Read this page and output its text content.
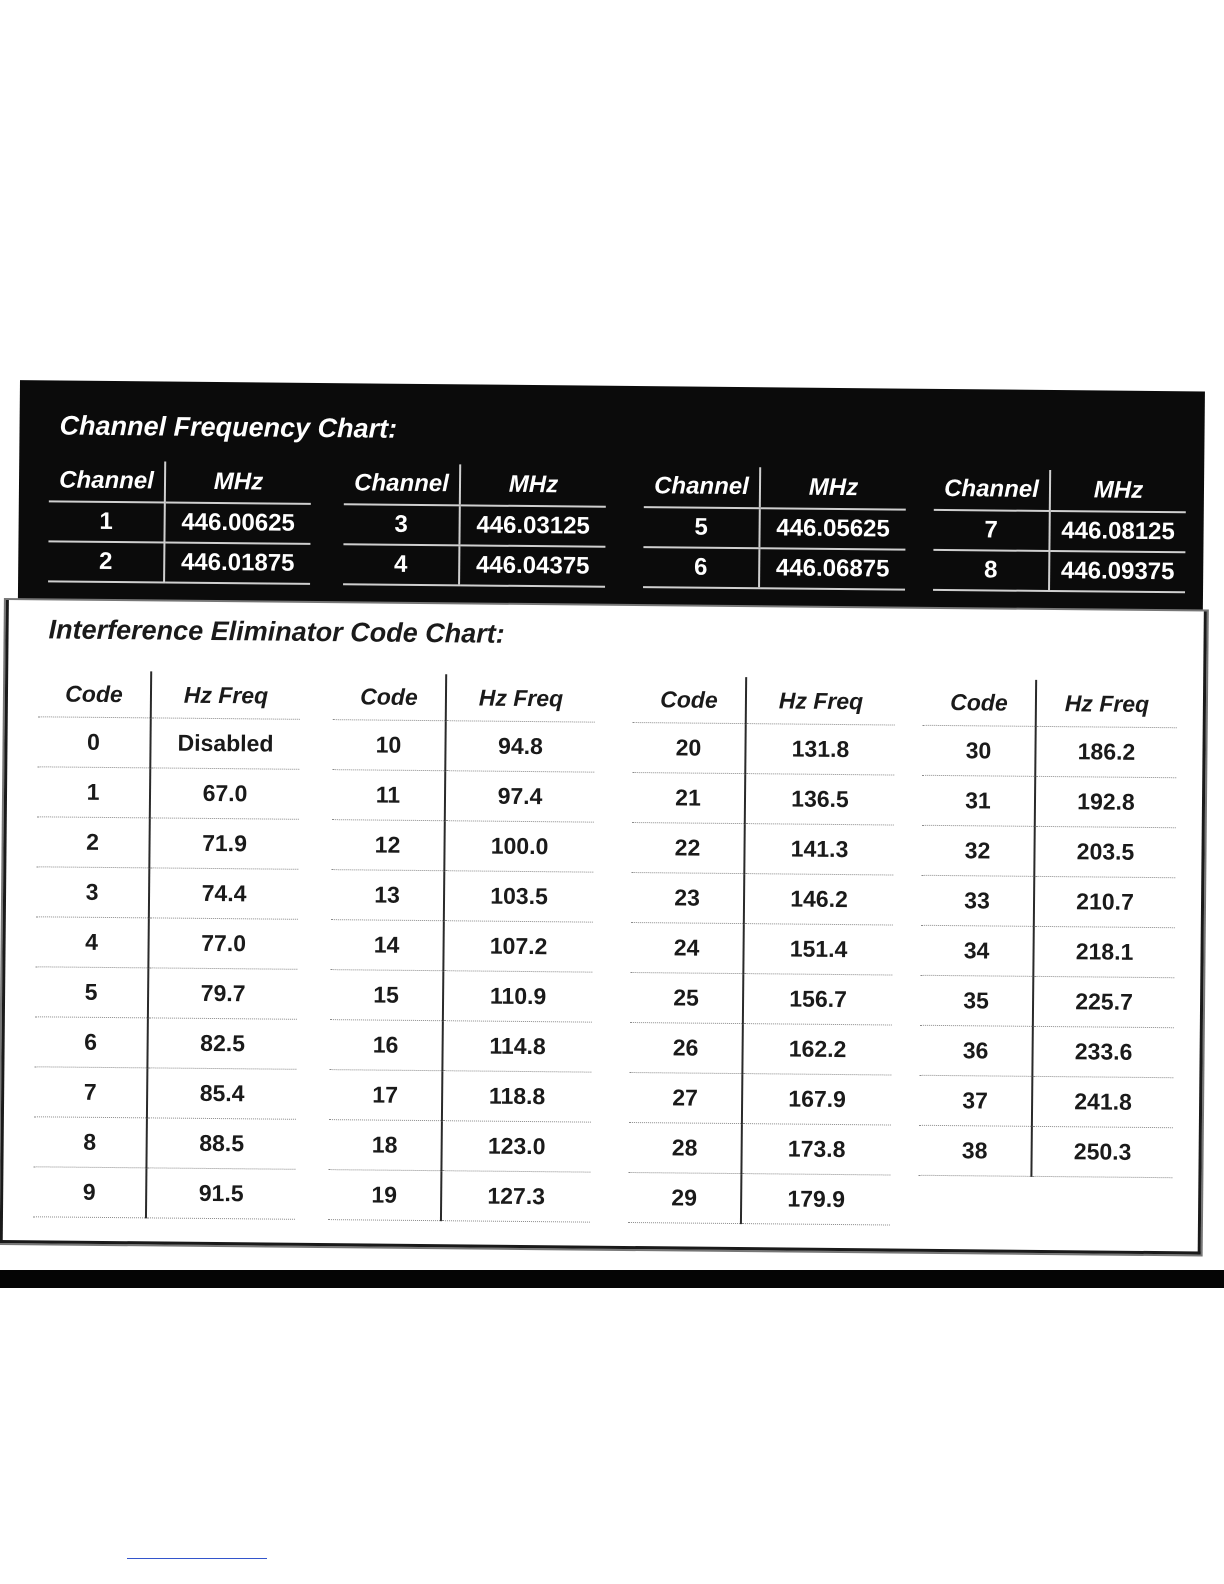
Channel Frequency Chart:
Channel	MHz
1	446.00625
2	446.01875
Channel	MHz
3	446.03125
4	446.04375
Channel	MHz
5	446.05625
6	446.06875
Channel	MHz
7	446.08125
8	446.09375
Interference Eliminator Code Chart:
Code	Hz Freq
0	Disabled
1	67.0
2	71.9
3	74.4
4	77.0
5	79.7
6	82.5
7	85.4
8	88.5
9	91.5
Code	Hz Freq
10	94.8
11	97.4
12	100.0
13	103.5
14	107.2
15	110.9
16	114.8
17	118.8
18	123.0
19	127.3
Code	Hz Freq
20	131.8
21	136.5
22	141.3
23	146.2
24	151.4
25	156.7
26	162.2
27	167.9
28	173.8
29	179.9
Code	Hz Freq
30	186.2
31	192.8
32	203.5
33	210.7
34	218.1
35	225.7
36	233.6
37	241.8
38	250.3
